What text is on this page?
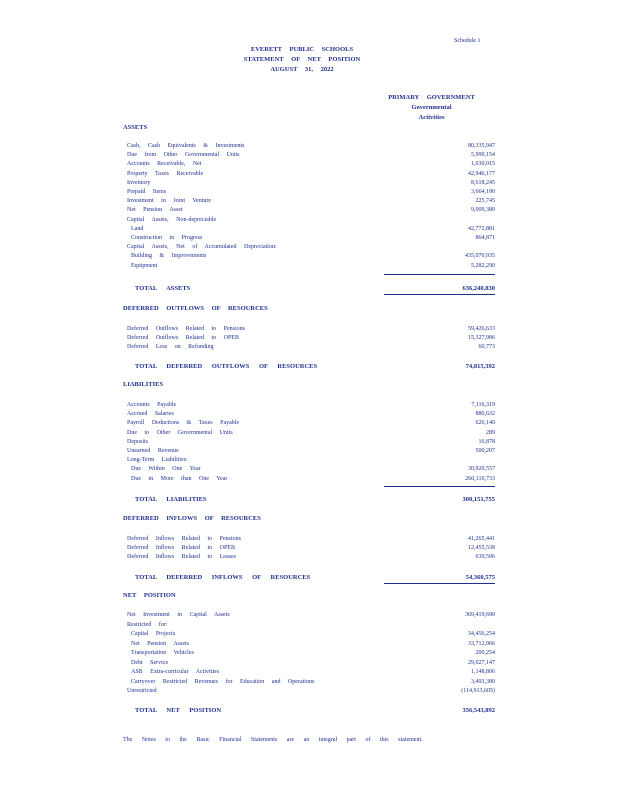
Schedule 1
EVERETT PUBLIC SCHOOLS
STATEMENT OF NET POSITION
AUGUST 31, 2022
PRIMARY GOVERNMENT
Governmental
Activities
ASSETS
Cash, Cash Equivalents & Investments	80,335,947
Due from Other Governmental Units	5,990,154
Accounts Receivable, Net	1,030,015
Property Taxes Receivable	42,946,177
Inventory	8,618,245
Prepaid Items	3,664,190
Investment in Joint Venture	225,745
Net Pension Asset	9,009,380
Capital Assets, Non-depreciable
Land	42,772,881
Construction in Progress	864,871
Capital Assets, Net of Accumulated Depreciation:
Building & Improvements	435,070,935
Equipment	5,282,290
TOTAL ASSETS	636,240,830
DEFERRED OUTFLOWS OF RESOURCES
Deferred Outflows Related to Pensions	59,426,633
Deferred Outflows Related to OPEB	15,327,986
Deferred Loss on Refunding	60,773
TOTAL DEFERRED OUTFLOWS OF RESOURCES	74,815,392
LIABILITIES
Accounts Payable	7,116,319
Accrued Salaries	880,632
Payroll Deductions & Taxes Payable	626,140
Due to Other Governmental Units	289
Deposits	16,878
Unearned Revenue	500,207
Long-Term Liabilities:
Due Within One Year	30,920,557
Due in More than One Year	260,110,733
TOTAL LIABILITIES	300,151,755
DEFERRED INFLOWS OF RESOURCES
Deferred Inflows Related to Pensions	41,265,441
Deferred Inflows Related to OPEB	12,455,538
Deferred Inflows Related to Leases	639,596
TOTAL DEFERRED INFLOWS OF RESOURCES	54,360,575
NET POSITION
Net Investment in Capital Assets	369,419,690
Restricted for:
Capital Projects	34,456,254
Net Pension Assets	33,712,966
Transportation Vehicles	200,254
Debt Service	29,027,147
ASB Extra-curricular Activities	1,148,806
Carryover Restricted Revenues for Education and Operations	3,493,380
Unrestricted	(114,913,605)
TOTAL NET POSITION	356,543,892
The Notes to the Basic Financial Statements are an integral part of this statement.
